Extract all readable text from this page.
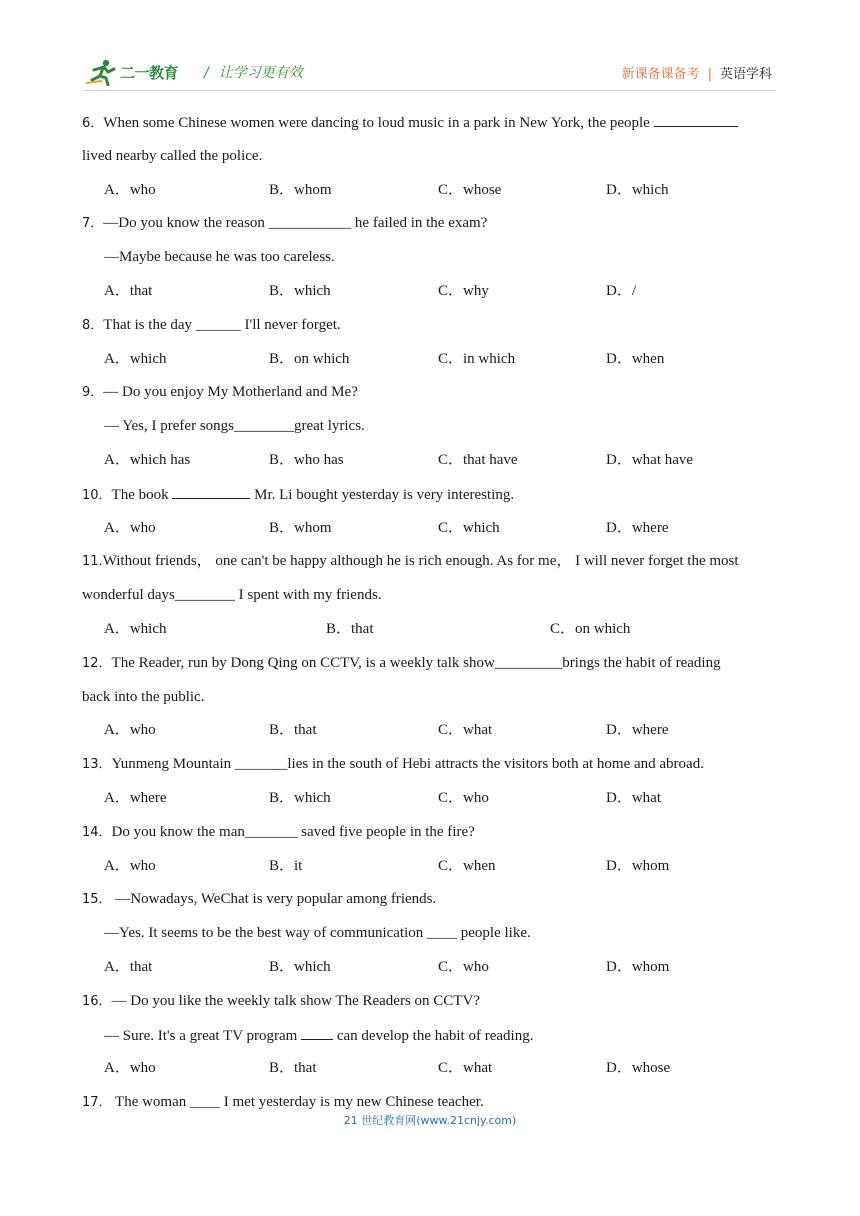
二一教育 / 让学习更有效	新课备课备考 | 英语学科
6．When some Chinese women were dancing to loud music in a park in New York, the people
lived nearby called the police.
A．who	B．whom	C．whose	D．which
7．—Do you know the reason ___________ he failed in the exam?
—Maybe because he was too careless.
A．that	B．which	C．why	D．/
8．That is the day ______ I'll never forget.
A．which	B．on which	C．in which	D．when
9．— Do you enjoy My Motherland and Me?
— Yes, I prefer songs________great lyrics.
A．which has	B．who has	C．that have	D．what have
10．The book	Mr. Li bought yesterday is very interesting.
A．who	B．whom	C．which	D．where
11.Without friends， one can't be happy although he is rich enough. As for me， I will never forget the most
wonderful days________ I spent with my friends.
A．which	B．that	C．on which
12．The Reader, run by Dong Qing on CCTV, is a weekly talk show_________brings the habit of reading
back into the public.
A．who	B．that	C．what	D．where
13．Yunmeng Mountain _______lies in the south of Hebi attracts the visitors both at home and abroad.
A．where	B．which	C．who	D．what
14．Do you know the man_______ saved five people in the fire?
A．who	B．it	C．when	D．whom
15． —Nowadays, WeChat is very popular among friends.
—Yes. It seems to be the best way of communication ____ people like.
A．that	B．which	C．who	D．whom
16．— Do you like the weekly talk show The Readers on CCTV?
— Sure. It's a great TV program  can develop the habit of reading.
A．who	B．that	C．what	D．whose
17． The woman ____ I met yesterday is my new Chinese teacher.
21 世纪教育网(www.21cnjy.com)
